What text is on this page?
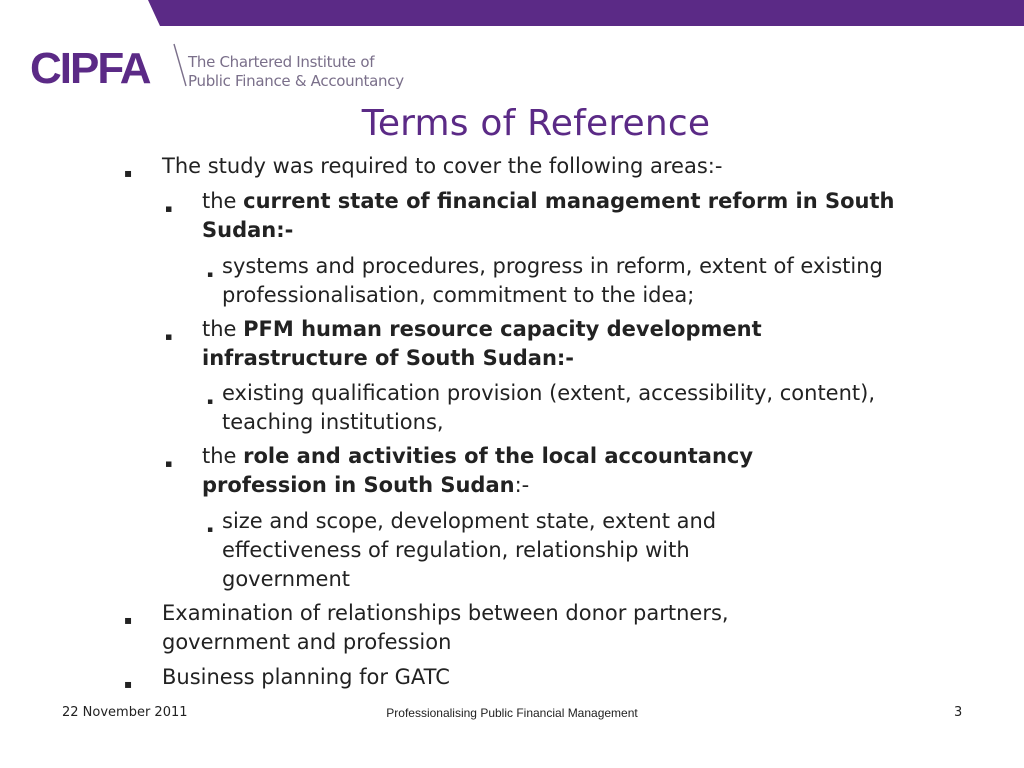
CIPFA	The Chartered Institute of
Public Finance & Accountancy
Terms of Reference
▪ The study was required to cover the following areas:-
▪ the current state of financial management reform in South Sudan:-
▪ systems and procedures, progress in reform, extent of existing professionalisation, commitment to the idea;
▪ the PFM human resource capacity development infrastructure of South Sudan:-
▪ existing qualification provision (extent, accessibility, content), teaching institutions,
▪ the role and activities of the local accountancy profession in South Sudan:-
▪ size and scope, development state, extent and effectiveness of regulation, relationship with government
▪ Examination of relationships between donor partners, government and profession
▪ Business planning for GATC
22 November 2011	Professionalising Public Financial Management	3
